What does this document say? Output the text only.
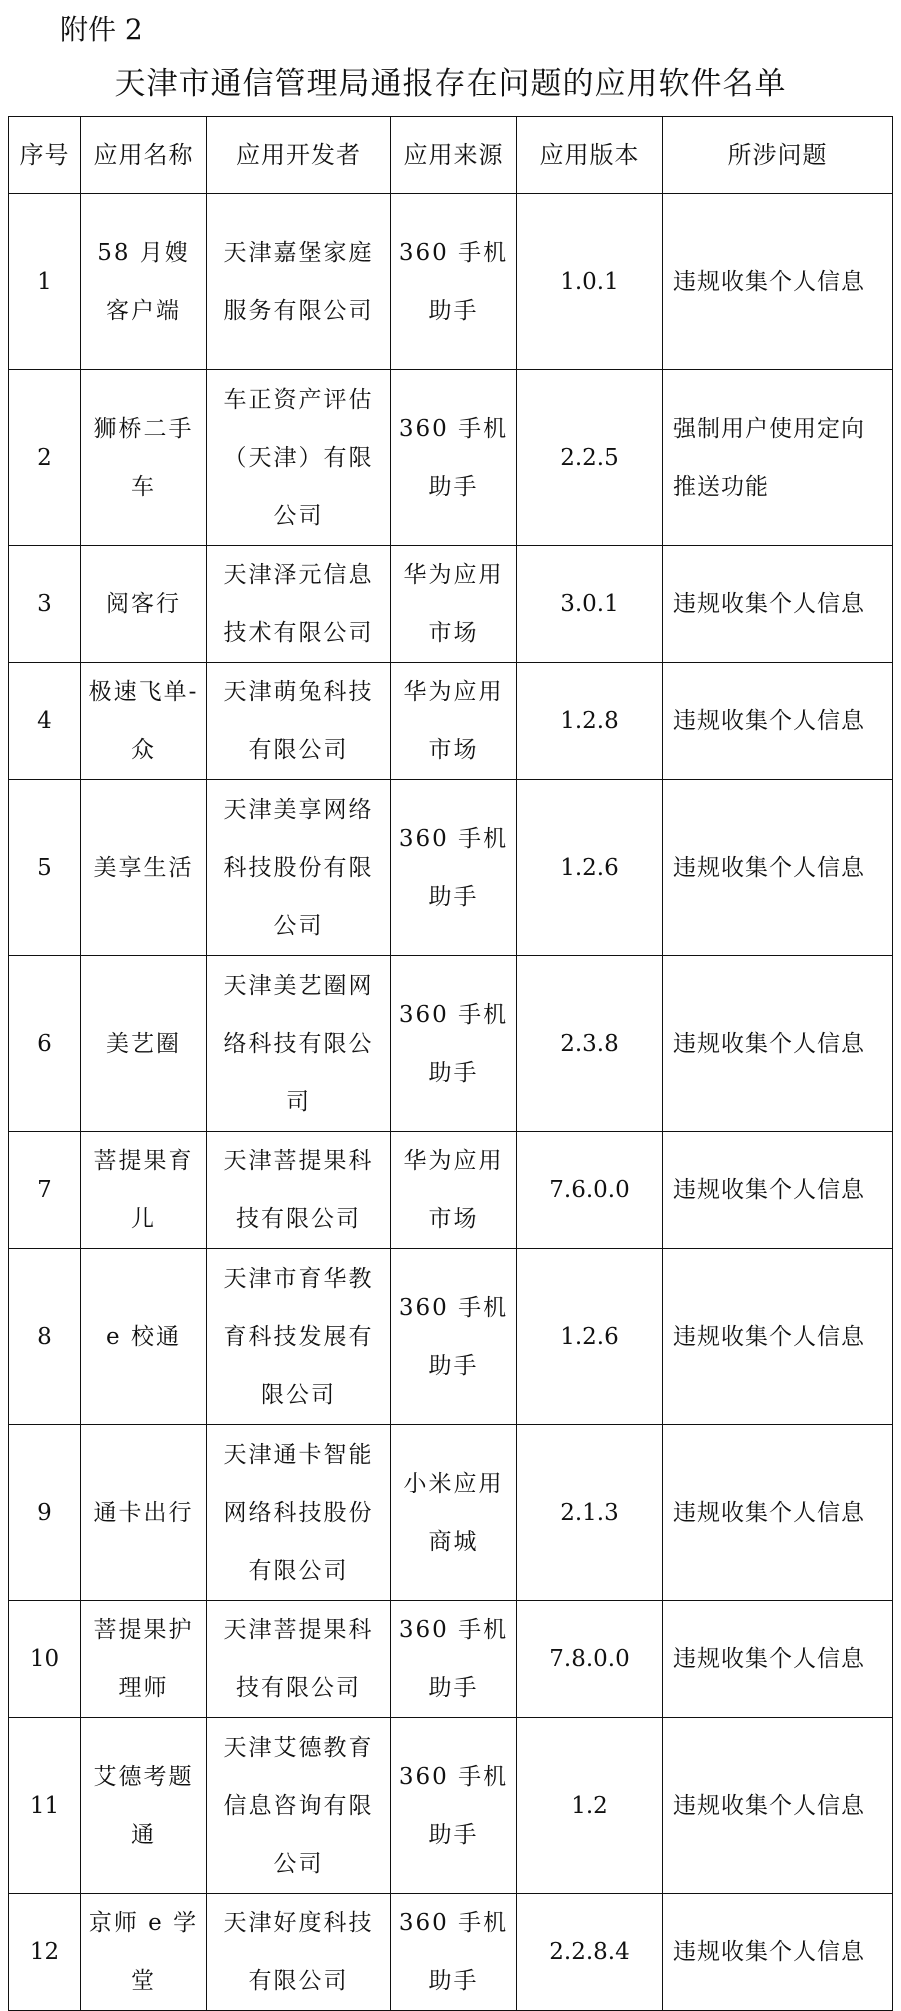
附件 2
天津市通信管理局通报存在问题的应用软件名单
序号	应用名称	应用开发者	应用来源	应用版本	所涉问题
1	58 月嫂客户端	天津嘉堡家庭服务有限公司	360 手机助手	1.0.1	违规收集个人信息
2	狮桥二手车	车正资产评估（天津）有限公司	360 手机助手	2.2.5	强制用户使用定向推送功能
3	阅客行	天津泽元信息技术有限公司	华为应用市场	3.0.1	违规收集个人信息
4	极速飞单-众	天津萌兔科技有限公司	华为应用市场	1.2.8	违规收集个人信息
5	美享生活	天津美享网络科技股份有限公司	360 手机助手	1.2.6	违规收集个人信息
6	美艺圈	天津美艺圈网络科技有限公司	360 手机助手	2.3.8	违规收集个人信息
7	菩提果育儿	天津菩提果科技有限公司	华为应用市场	7.6.0.0	违规收集个人信息
8	e 校通	天津市育华教育科技发展有限公司	360 手机助手	1.2.6	违规收集个人信息
9	通卡出行	天津通卡智能网络科技股份有限公司	小米应用商城	2.1.3	违规收集个人信息
10	菩提果护理师	天津菩提果科技有限公司	360 手机助手	7.8.0.0	违规收集个人信息
11	艾德考题通	天津艾德教育信息咨询有限公司	360 手机助手	1.2	违规收集个人信息
12	京师 e 学堂	天津好度科技有限公司	360 手机助手	2.2.8.4	违规收集个人信息
